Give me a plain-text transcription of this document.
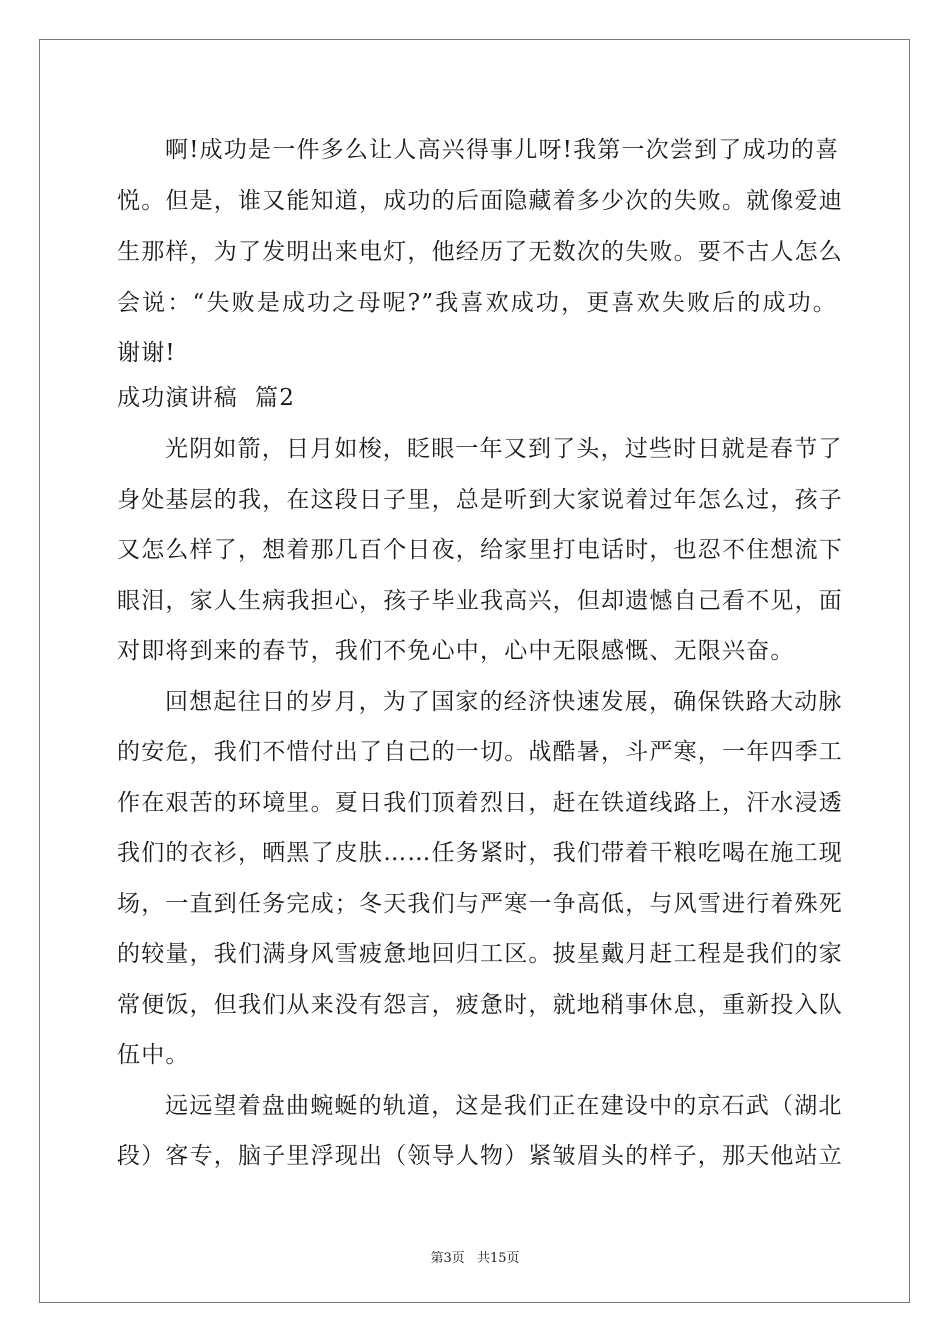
啊!成功是一件多么让人高兴得事儿呀!我第一次尝到了成功的喜
悦。但是，谁又能知道，成功的后面隐藏着多少次的失败。就像爱迪
生那样，为了发明出来电灯，他经历了无数次的失败。要不古人怎么
会说：“失败是成功之母呢?”我喜欢成功，更喜欢失败后的成功。
谢谢!
成功演讲稿  篇2
光阴如箭，日月如梭，眨眼一年又到了头，过些时日就是春节了
身处基层的我，在这段日子里，总是听到大家说着过年怎么过，孩子
又怎么样了，想着那几百个日夜，给家里打电话时，也忍不住想流下
眼泪，家人生病我担心，孩子毕业我高兴，但却遗憾自己看不见，面
对即将到来的春节，我们不免心中，心中无限感慨、无限兴奋。
回想起往日的岁月，为了国家的经济快速发展，确保铁路大动脉
的安危，我们不惜付出了自己的一切。战酷暑，斗严寒，一年四季工
作在艰苦的环境里。夏日我们顶着烈日，赶在铁道线路上，汗水浸透
我们的衣衫，晒黑了皮肤……任务紧时，我们带着干粮吃喝在施工现
场，一直到任务完成；冬天我们与严寒一争高低，与风雪进行着殊死
的较量，我们满身风雪疲惫地回归工区。披星戴月赶工程是我们的家
常便饭，但我们从来没有怨言，疲惫时，就地稍事休息，重新投入队
伍中。
远远望着盘曲蜿蜒的轨道，这是我们正在建设中的京石武（湖北
段）客专，脑子里浮现出（领导人物）紧皱眉头的样子，那天他站立
第3页 共15页
